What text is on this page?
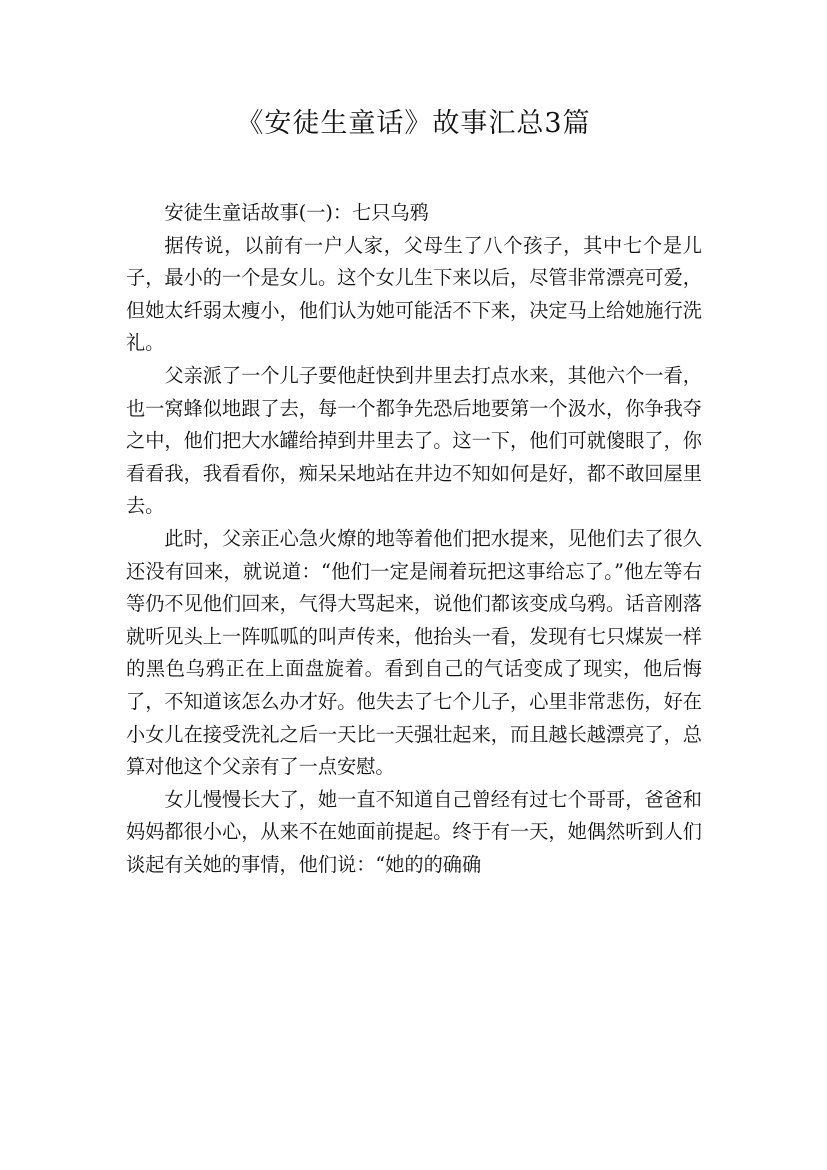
《安徒生童话》故事汇总3篇

安徒生童话故事(一)：七只乌鸦

据传说，以前有一户人家，父母生了八个孩子，其中七个是儿子，最小的一个是女儿。这个女儿生下来以后，尽管非常漂亮可爱，但她太纤弱太瘦小，他们认为她可能活不下来，决定马上给她施行洗礼。

父亲派了一个儿子要他赶快到井里去打点水来，其他六个一看，也一窝蜂似地跟了去，每一个都争先恐后地要第一个汲水，你争我夺之中，他们把大水罐给掉到井里去了。这一下，他们可就傻眼了，你看看我，我看看你，痴呆呆地站在井边不知如何是好，都不敢回屋里去。

此时，父亲正心急火燎的地等着他们把水提来，见他们去了很久还没有回来，就说道：“他们一定是闹着玩把这事给忘了。”他左等右等仍不见他们回来，气得大骂起来，说他们都该变成乌鸦。话音刚落就听见头上一阵呱呱的叫声传来，他抬头一看，发现有七只煤炭一样的黑色乌鸦正在上面盘旋着。看到自己的气话变成了现实，他后悔了，不知道该怎么办才好。他失去了七个儿子，心里非常悲伤，好在小女儿在接受洗礼之后一天比一天强壮起来，而且越长越漂亮了，总算对他这个父亲有了一点安慰。

女儿慢慢长大了，她一直不知道自己曾经有过七个哥哥，爸爸和妈妈都很小心，从来不在她面前提起。终于有一天，她偶然听到人们谈起有关她的事情，他们说：“她的的确确
